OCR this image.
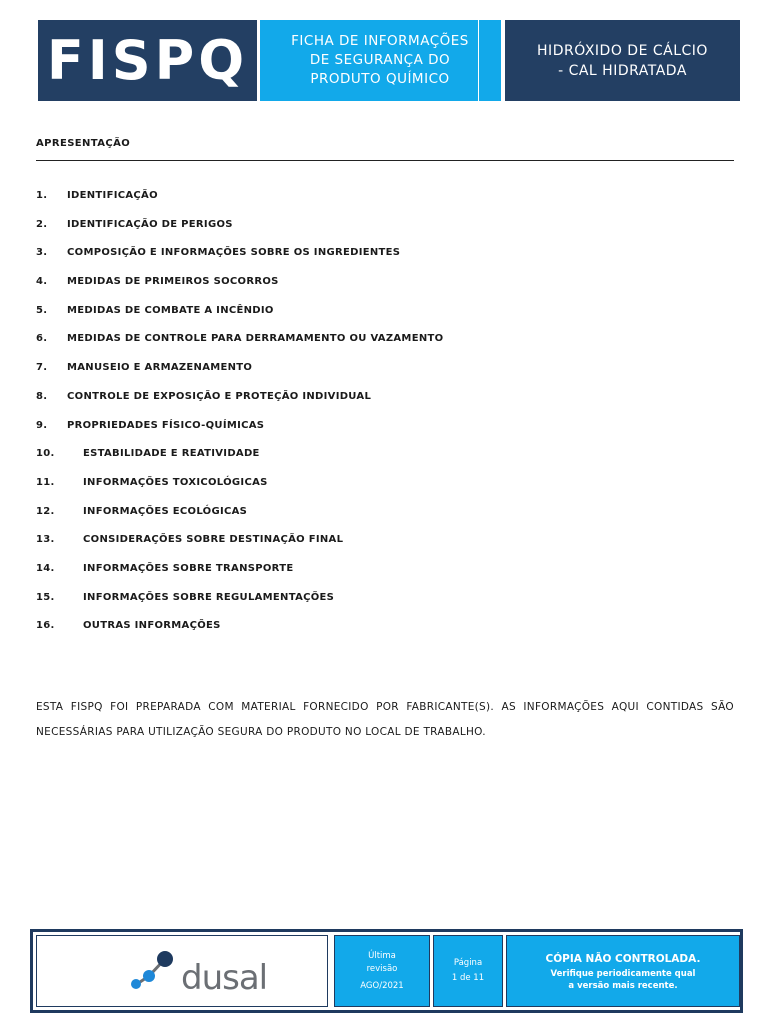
FISPQ	FICHA DE INFORMAÇÕES DE SEGURANÇA DO PRODUTO QUÍMICO
HIDRÓXIDO DE CÁLCIO - CAL HIDRATADA
APRESENTAÇÃO
1. IDENTIFICAÇÃO
2. IDENTIFICAÇÃO DE PERIGOS
3. COMPOSIÇÃO E INFORMAÇÕES SOBRE OS INGREDIENTES
4. MEDIDAS DE PRIMEIROS SOCORROS
5. MEDIDAS DE COMBATE A INCÊNDIO
6. MEDIDAS DE CONTROLE PARA DERRAMAMENTO OU VAZAMENTO
7. MANUSEIO E ARMAZENAMENTO
8. CONTROLE DE EXPOSIÇÃO E PROTEÇÃO INDIVIDUAL
9. PROPRIEDADES FÍSICO-QUÍMICAS
10.	ESTABILIDADE E REATIVIDADE
11.	INFORMAÇÕES TOXICOLÓGICAS
12.	INFORMAÇÕES ECOLÓGICAS
13.	CONSIDERAÇÕES SOBRE DESTINAÇÃO FINAL
14.	INFORMAÇÕES SOBRE TRANSPORTE
15.	INFORMAÇÕES SOBRE REGULAMENTAÇÕES
16.	OUTRAS INFORMAÇÕES

ESTA FISPQ FOI PREPARADA COM MATERIAL FORNECIDO POR FABRICANTE(S). AS INFORMAÇÕES AQUI CONTIDAS SÃO NECESSÁRIAS PARA UTILIZAÇÃO SEGURA DO PRODUTO NO LOCAL DE TRABALHO.

dusal
Última revisão
AGO/2021
Página
1 de 11
CÓPIA NÃO CONTROLADA.
Verifique periodicamente qual
a versão mais recente.
